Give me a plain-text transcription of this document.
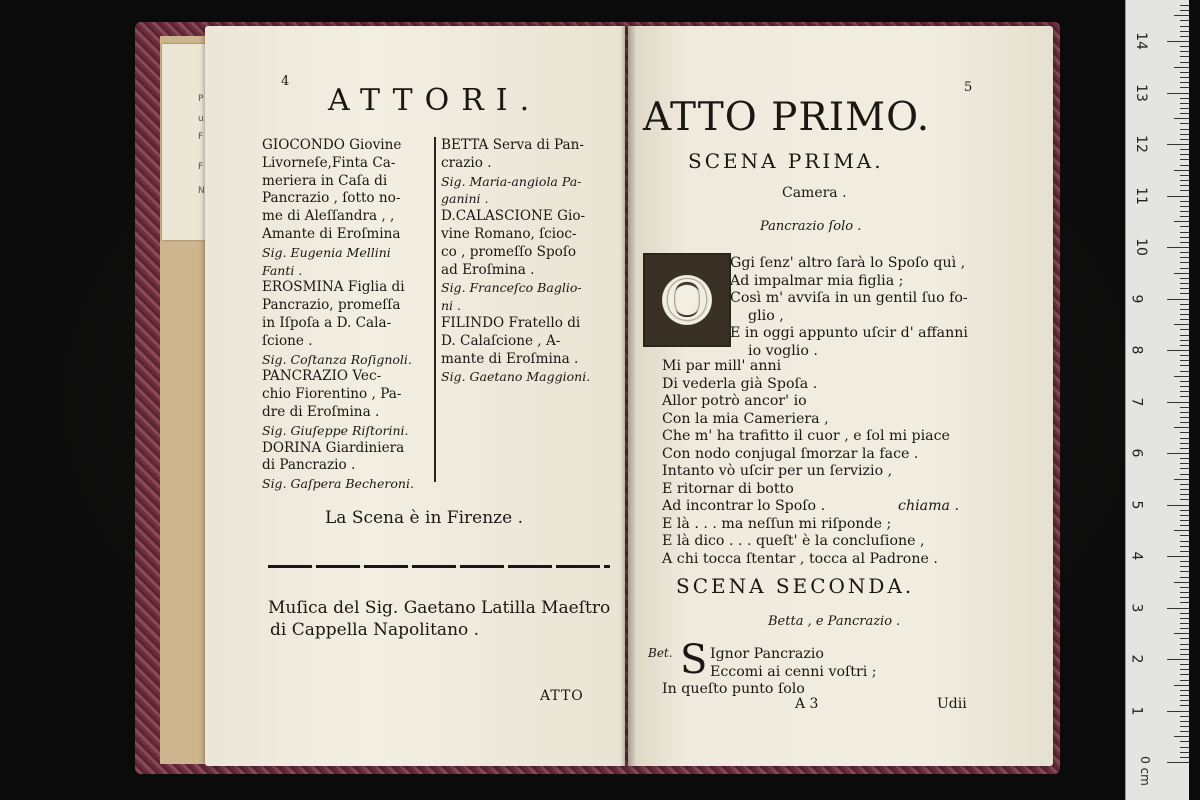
P
u
F
F
N
4
ATTORI.
GIOCONDO Giovine
Livorneſe,Finta Ca-
meriera in Caſa di
Pancrazio , ſotto no-
me di Aleſſandra , ,
Amante di Eroſmina
Sig. Eugenia Mellini
Fanti .
EROSMINA Figlia di
Pancrazio, promeſſa
in Iſpoſa a D. Cala-
ſcione .
Sig. Coſtanza Roſignoli.
PANCRAZIO Vec-
chio Fiorentino , Pa-
dre di Eroſmina .
Sig. Giuſeppe Riſtorini.
DORINA Giardiniera
di Pancrazio .
Sig. Gaſpera Becheroni.
BETTA Serva di Pan-
crazio .
Sig. Maria-angiola Pa-
ganini .
D.CALASCIONE Gio-
vine Romano, ſcioc-
co , promeſſo Spoſo
ad Eroſmina .
Sig. Franceſco Baglio-
ni .
FILINDO Fratello di
D. Calaſcione , A-
mante di Eroſmina .
Sig. Gaetano Maggioni.
La Scena è in Firenze .
Muſica del Sig. Gaetano Latilla Maeſtro
di Cappella Napolitano .
ATTO
5
ATTO PRIMO.
SCENA PRIMA.
Camera .
Pancrazio ſolo .
O
Ggi ſenz' altro ſarà lo Spoſo quì ,
Ad impalmar mia figlia ;
Così m' avviſa in un gentil ſuo fo-
glio ,
E in oggi appunto uſcir d' affanni
io voglio .
Mi par mill' anni
Di vederla già Spoſa .
Allor potrò ancor' io
Con la mia Cameriera ,
Che m' ha trafitto il cuor , e ſol mi piace
Con nodo conjugal ſmorzar la face .
Intanto vò uſcir per un ſervizio ,
E ritornar di botto
Ad incontrar lo Spoſo .	chiama .
E là . . . ma neſſun mi riſponde ;
E là dico . . . queſt' è la concluſione ,
A chi tocca ſtentar , tocca al Padrone .
SCENA SECONDA.
Betta , e Pancrazio .
Bet. S Ignor Pancrazio
Eccomi ai cenni voſtri ;
In queſto punto ſolo
A 3	Udii
0 cm
1
2
3
4
5
6
7
8
9
10
11
12
13
14
